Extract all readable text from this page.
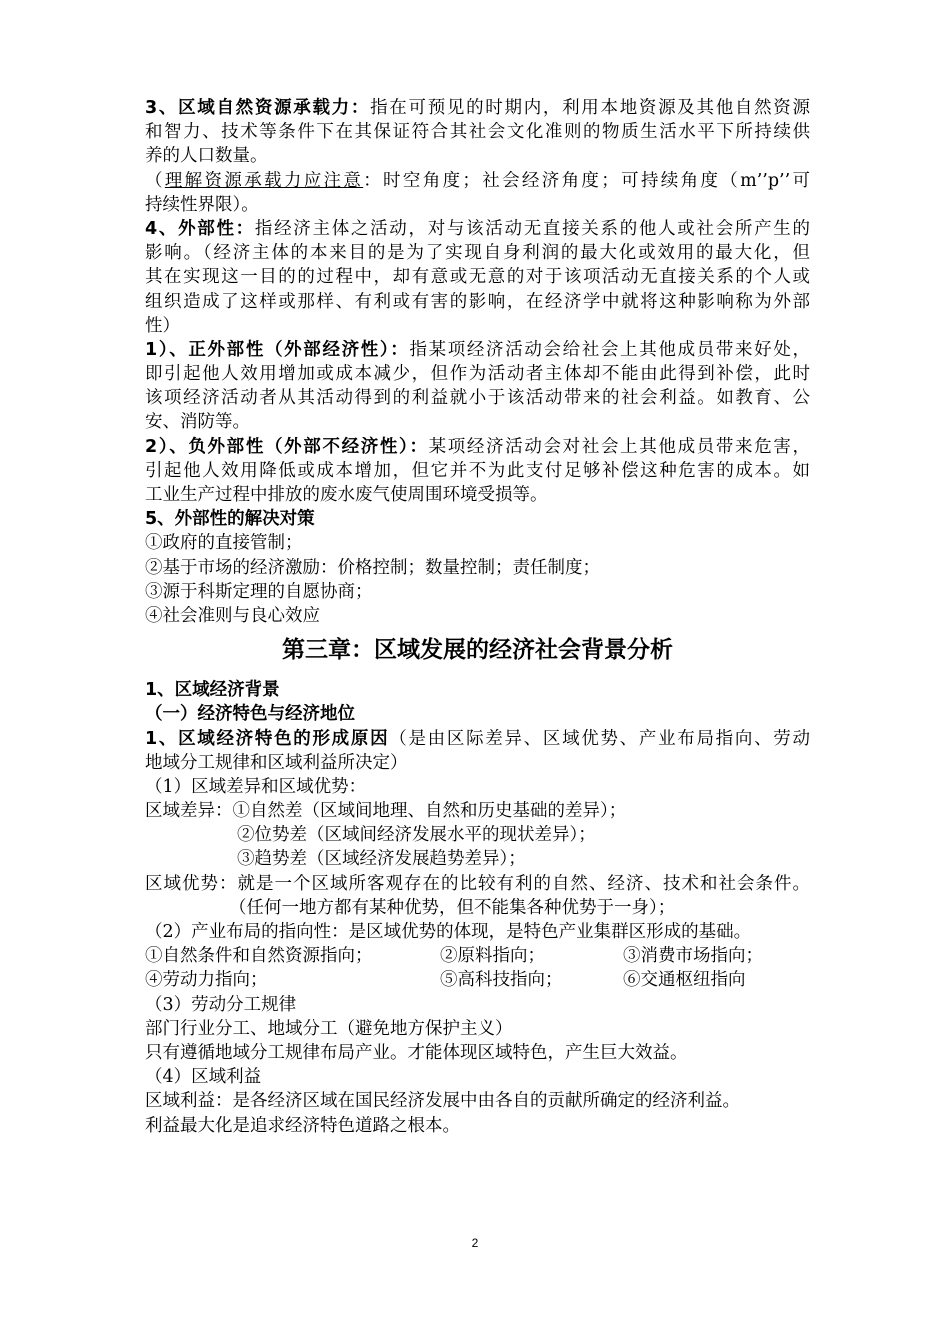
3、区域自然资源承载力：指在可预见的时期内，利用本地资源及其他自然资源
和智力、技术等条件下在其保证符合其社会文化准则的物质生活水平下所持续供
养的人口数量。
（理解资源承载力应注意：时空角度；社会经济角度；可持续角度（m’’p’’可
持续性界限）。
4、外部性：指经济主体之活动，对与该活动无直接关系的他人或社会所产生的
影响。（经济主体的本来目的是为了实现自身利润的最大化或效用的最大化，但
其在实现这一目的的过程中，却有意或无意的对于该项活动无直接关系的个人或
组织造成了这样或那样、有利或有害的影响，在经济学中就将这种影响称为外部
性）
1）、正外部性（外部经济性）：指某项经济活动会给社会上其他成员带来好处，
即引起他人效用增加或成本减少，但作为活动者主体却不能由此得到补偿，此时
该项经济活动者从其活动得到的利益就小于该活动带来的社会利益。如教育、公
安、消防等。
2）、负外部性（外部不经济性）：某项经济活动会对社会上其他成员带来危害，
引起他人效用降低或成本增加，但它并不为此支付足够补偿这种危害的成本。如
工业生产过程中排放的废水废气使周围环境受损等。
5、外部性的解决对策
①政府的直接管制；
②基于市场的经济激励：价格控制；数量控制；责任制度；
③源于科斯定理的自愿协商；
④社会准则与良心效应
第三章：区域发展的经济社会背景分析
1、区域经济背景
（一）经济特色与经济地位
1、区域经济特色的形成原因（是由区际差异、区域优势、产业布局指向、劳动
地域分工规律和区域利益所决定）
（1）区域差异和区域优势：
区域差异：①自然差（区域间地理、自然和历史基础的差异）；
②位势差（区域间经济发展水平的现状差异）；
③趋势差（区域经济发展趋势差异）；
区域优势：就是一个区域所客观存在的比较有利的自然、经济、技术和社会条件。
（任何一地方都有某种优势，但不能集各种优势于一身）；
（2）产业布局的指向性：是区域优势的体现，是特色产业集群区形成的基础。
①自然条件和自然资源指向；	②原料指向；	③消费市场指向；
④劳动力指向；	⑤高科技指向；	⑥交通枢纽指向
（3）劳动分工规律
部门行业分工、地域分工（避免地方保护主义）
只有遵循地域分工规律布局产业。才能体现区域特色，产生巨大效益。
（4）区域利益
区域利益：是各经济区域在国民经济发展中由各自的贡献所确定的经济利益。
利益最大化是追求经济特色道路之根本。
2
